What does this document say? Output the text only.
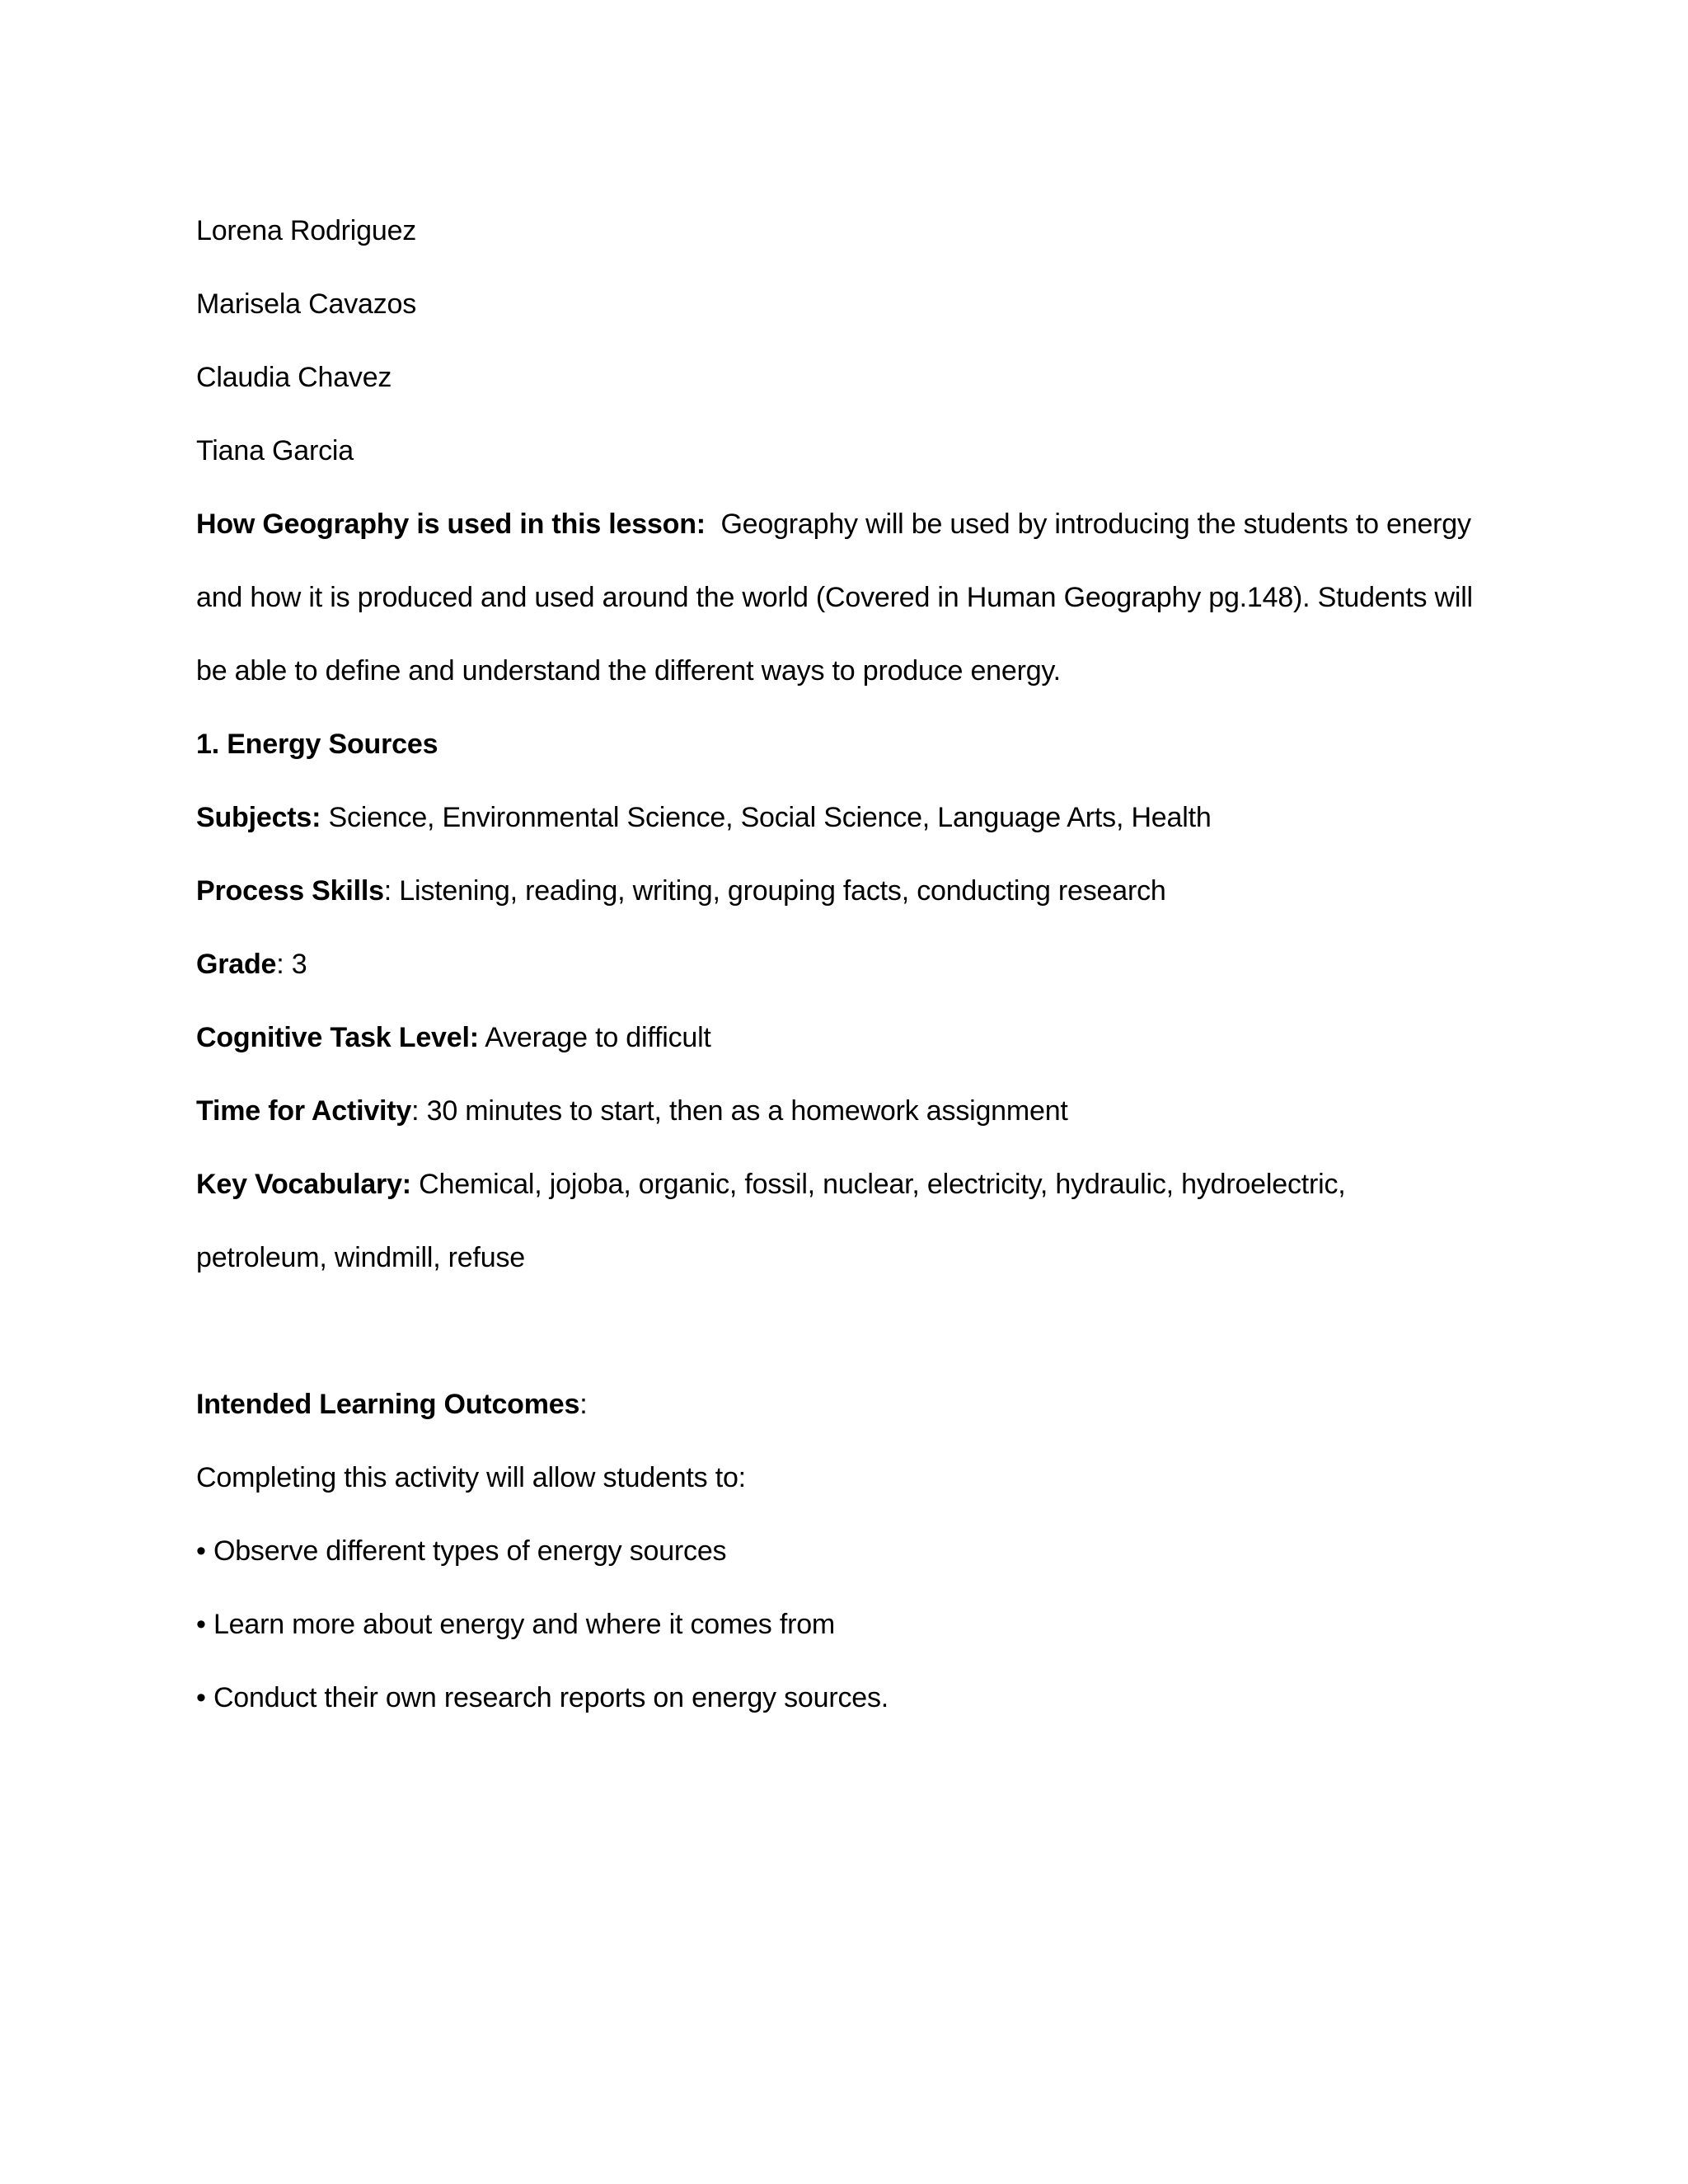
Lorena Rodriguez
Marisela Cavazos
Claudia Chavez
Tiana Garcia
How Geography is used in this lesson: Geography will be used by introducing the students to energy
and how it is produced and used around the world (Covered in Human Geography pg.148). Students will
be able to define and understand the different ways to produce energy.
1. Energy Sources
Subjects: Science, Environmental Science, Social Science, Language Arts, Health
Process Skills: Listening, reading, writing, grouping facts, conducting research
Grade: 3
Cognitive Task Level: Average to difficult
Time for Activity: 30 minutes to start, then as a homework assignment
Key Vocabulary: Chemical, jojoba, organic, fossil, nuclear, electricity, hydraulic, hydroelectric,
petroleum, windmill, refuse
Intended Learning Outcomes:
Completing this activity will allow students to:
• Observe different types of energy sources
• Learn more about energy and where it comes from
• Conduct their own research reports on energy sources.
